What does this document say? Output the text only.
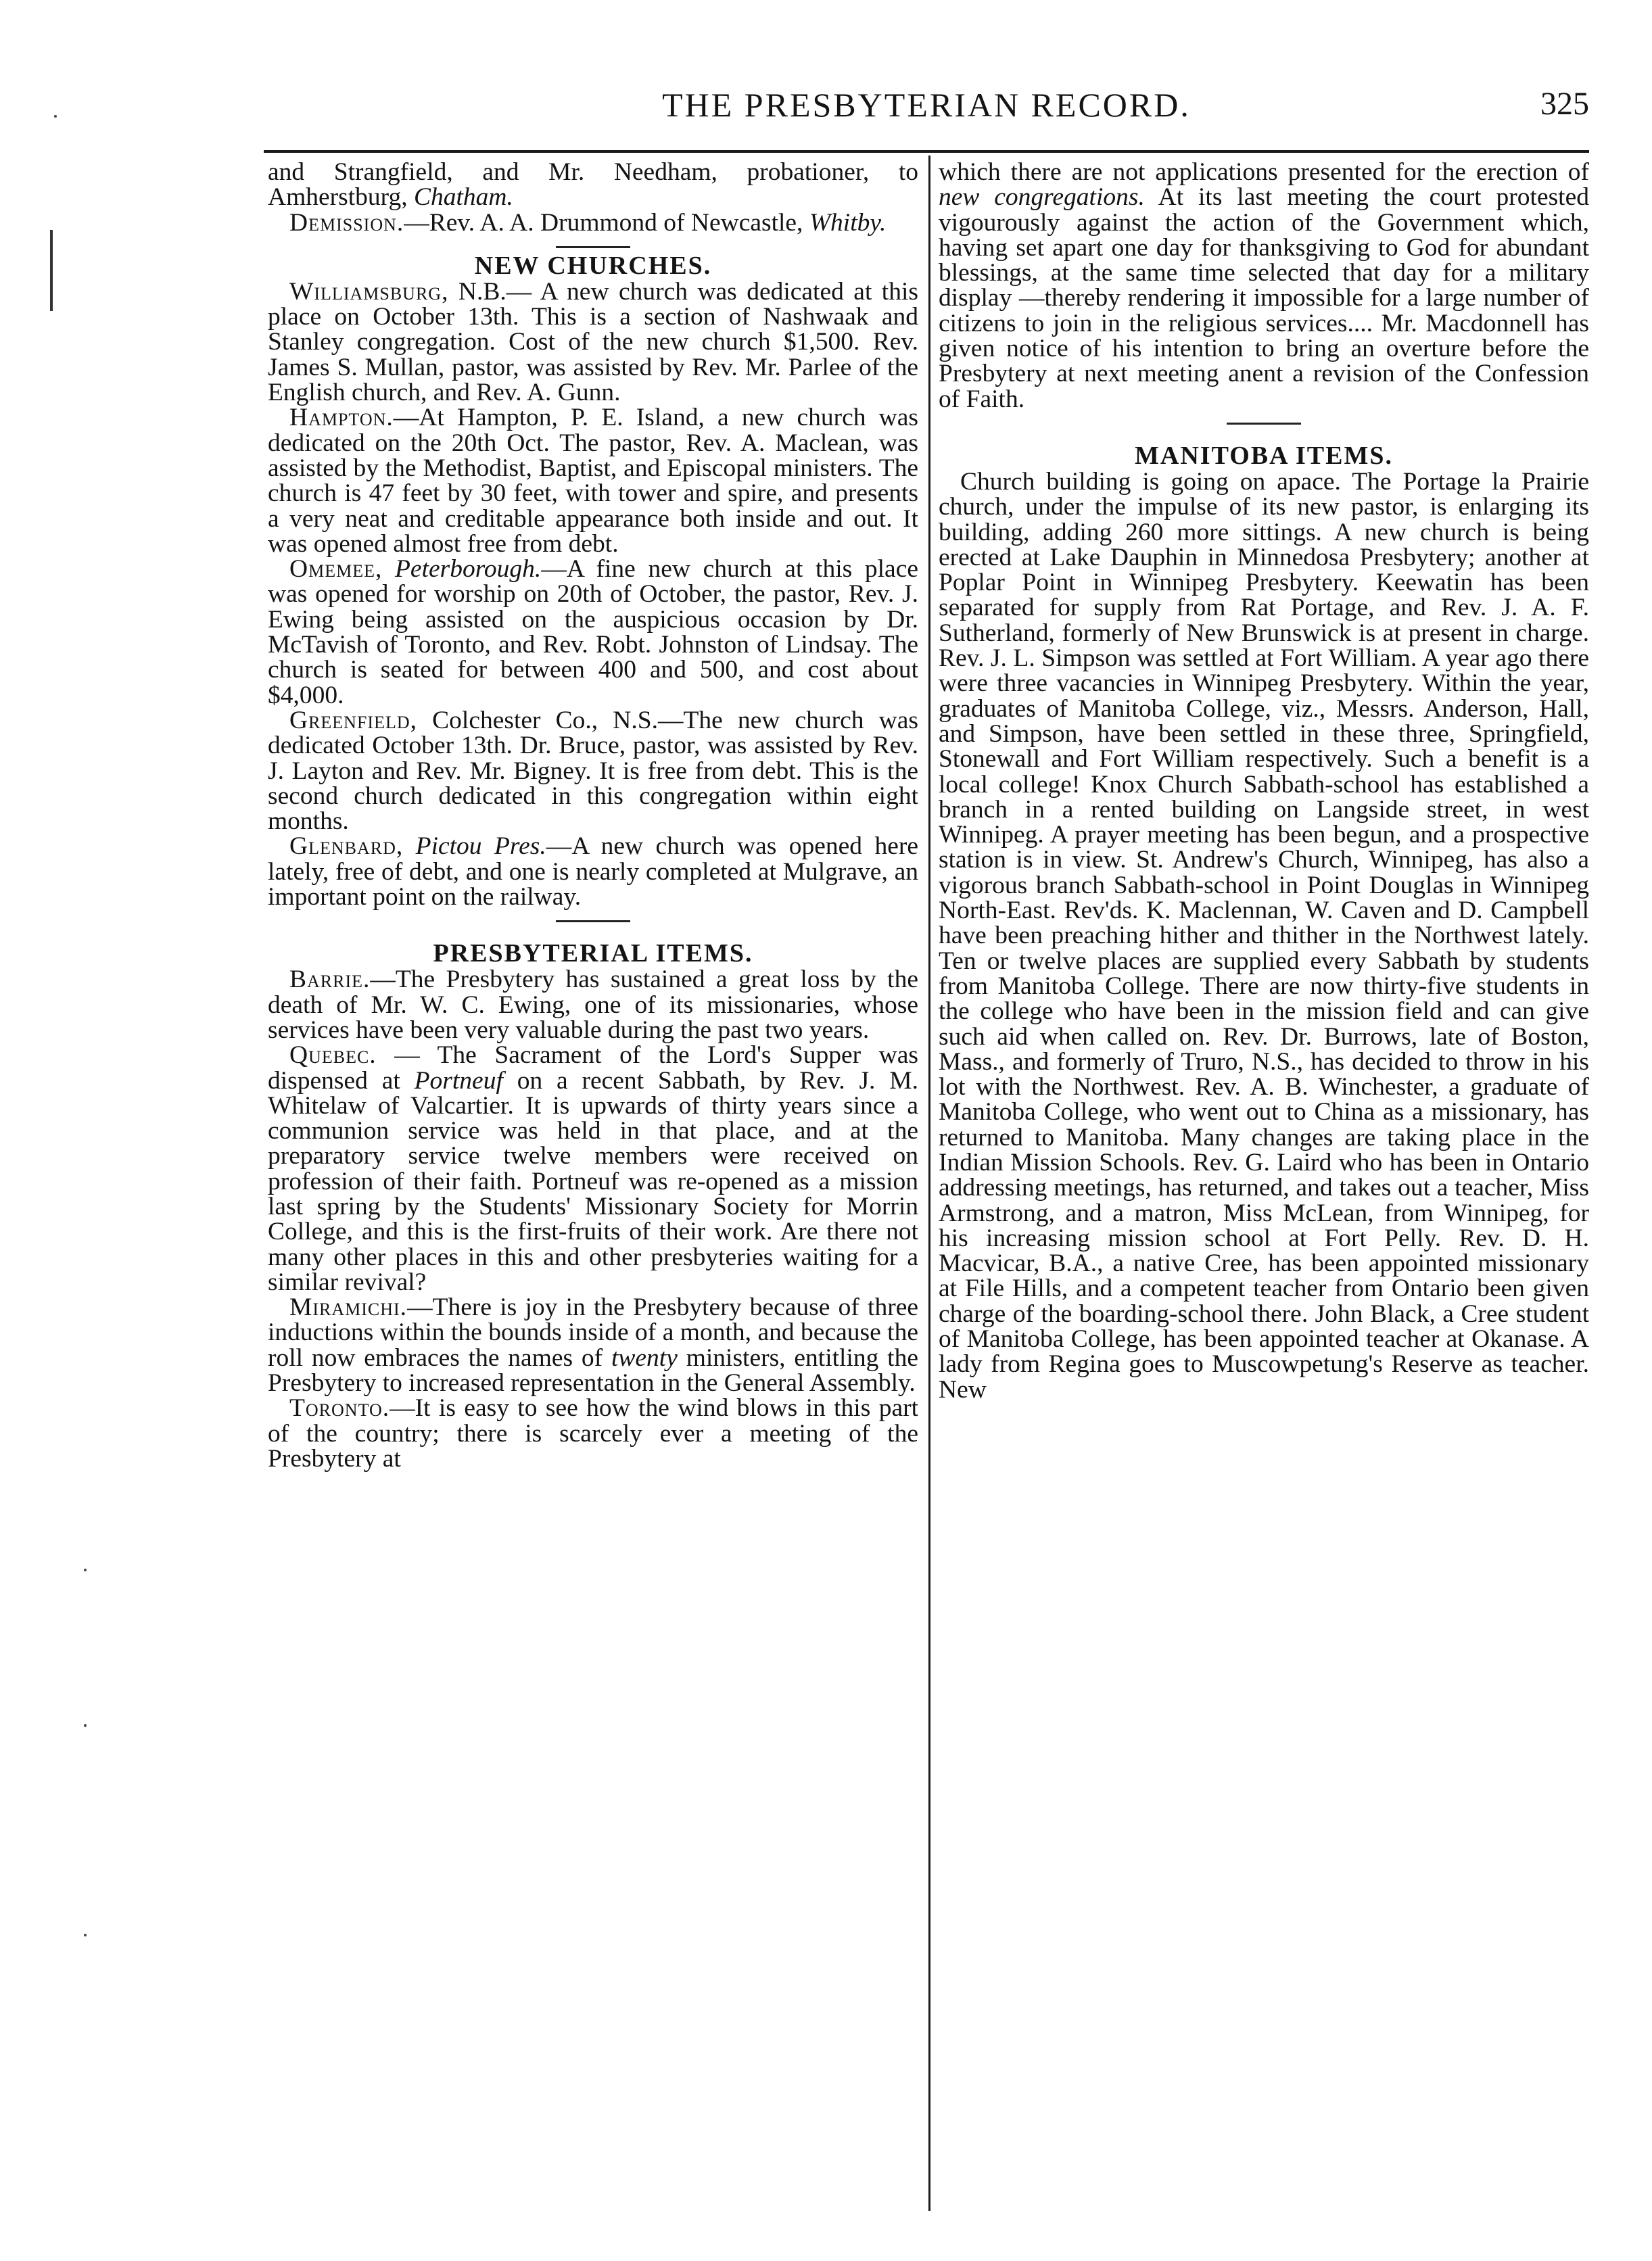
THE PRESBYTERIAN RECORD.	325

and Strangfield, and Mr. Needham, probationer, to Amherstburg, Chatham.

Demission.—Rev. A. A. Drummond of Newcastle, Whitby.

NEW CHURCHES.

Williamsburg, N.B.— A new church was dedicated at this place on October 13th. This is a section of Nashwaak and Stanley congregation. Cost of the new church $1,500. Rev. James S. Mullan, pastor, was assisted by Rev. Mr. Parlee of the English church, and Rev. A. Gunn.

Hampton.—At Hampton, P. E. Island, a new church was dedicated on the 20th Oct. The pastor, Rev. A. Maclean, was assisted by the Methodist, Baptist, and Episcopal ministers. The church is 47 feet by 30 feet, with tower and spire, and presents a very neat and creditable appearance both inside and out. It was opened almost free from debt.

Omemee, Peterborough.—A fine new church at this place was opened for worship on 20th of October, the pastor, Rev. J. Ewing being assisted on the auspicious occasion by Dr. McTavish of Toronto, and Rev. Robt. Johnston of Lindsay. The church is seated for between 400 and 500, and cost about $4,000.

Greenfield, Colchester Co., N.S.—The new church was dedicated October 13th. Dr. Bruce, pastor, was assisted by Rev. J. Layton and Rev. Mr. Bigney. It is free from debt. This is the second church dedicated in this congregation within eight months.

Glenbard, Pictou Pres.—A new church was opened here lately, free of debt, and one is nearly completed at Mulgrave, an important point on the railway.

PRESBYTERIAL ITEMS.

Barrie.—The Presbytery has sustained a great loss by the death of Mr. W. C. Ewing, one of its missionaries, whose services have been very valuable during the past two years.

Quebec. — The Sacrament of the Lord's Supper was dispensed at Portneuf on a recent Sabbath, by Rev. J. M. Whitelaw of Valcartier. It is upwards of thirty years since a communion service was held in that place, and at the preparatory service twelve members were received on profession of their faith. Portneuf was re-opened as a mission last spring by the Students' Missionary Society for Morrin College, and this is the first-fruits of their work. Are there not many other places in this and other presbyteries waiting for a similar revival?

Miramichi.—There is joy in the Presbytery because of three inductions within the bounds inside of a month, and because the roll now embraces the names of twenty ministers, entitling the Presbytery to increased representation in the General Assembly.

Toronto.—It is easy to see how the wind blows in this part of the country; there is scarcely ever a meeting of the Presbytery at

which there are not applications presented for the erection of new congregations. At its last meeting the court protested vigourously against the action of the Government which, having set apart one day for thanksgiving to God for abundant blessings, at the same time selected that day for a military display —thereby rendering it impossible for a large number of citizens to join in the religious services.... Mr. Macdonnell has given notice of his intention to bring an overture before the Presbytery at next meeting anent a revision of the Confession of Faith.

MANITOBA ITEMS.

Church building is going on apace. The Portage la Prairie church, under the impulse of its new pastor, is enlarging its building, adding 260 more sittings. A new church is being erected at Lake Dauphin in Minnedosa Presbytery; another at Poplar Point in Winnipeg Presbytery. Keewatin has been separated for supply from Rat Portage, and Rev. J. A. F. Sutherland, formerly of New Brunswick is at present in charge. Rev. J. L. Simpson was settled at Fort William. A year ago there were three vacancies in Winnipeg Presbytery. Within the year, graduates of Manitoba College, viz., Messrs. Anderson, Hall, and Simpson, have been settled in these three, Springfield, Stonewall and Fort William respectively. Such a benefit is a local college! Knox Church Sabbath-school has established a branch in a rented building on Langside street, in west Winnipeg. A prayer meeting has been begun, and a prospective station is in view. St. Andrew's Church, Winnipeg, has also a vigorous branch Sabbath-school in Point Douglas in Winnipeg North-East. Rev'ds. K. Maclennan, W. Caven and D. Campbell have been preaching hither and thither in the Northwest lately. Ten or twelve places are supplied every Sabbath by students from Manitoba College. There are now thirty-five students in the college who have been in the mission field and can give such aid when called on. Rev. Dr. Burrows, late of Boston, Mass., and formerly of Truro, N.S., has decided to throw in his lot with the Northwest. Rev. A. B. Winchester, a graduate of Manitoba College, who went out to China as a missionary, has returned to Manitoba. Many changes are taking place in the Indian Mission Schools. Rev. G. Laird who has been in Ontario addressing meetings, has returned, and takes out a teacher, Miss Armstrong, and a matron, Miss McLean, from Winnipeg, for his increasing mission school at Fort Pelly. Rev. D. H. Macvicar, B.A., a native Cree, has been appointed missionary at File Hills, and a competent teacher from Ontario been given charge of the boarding-school there. John Black, a Cree student of Manitoba College, has been appointed teacher at Okanase. A lady from Regina goes to Muscowpetung's Reserve as teacher. New
